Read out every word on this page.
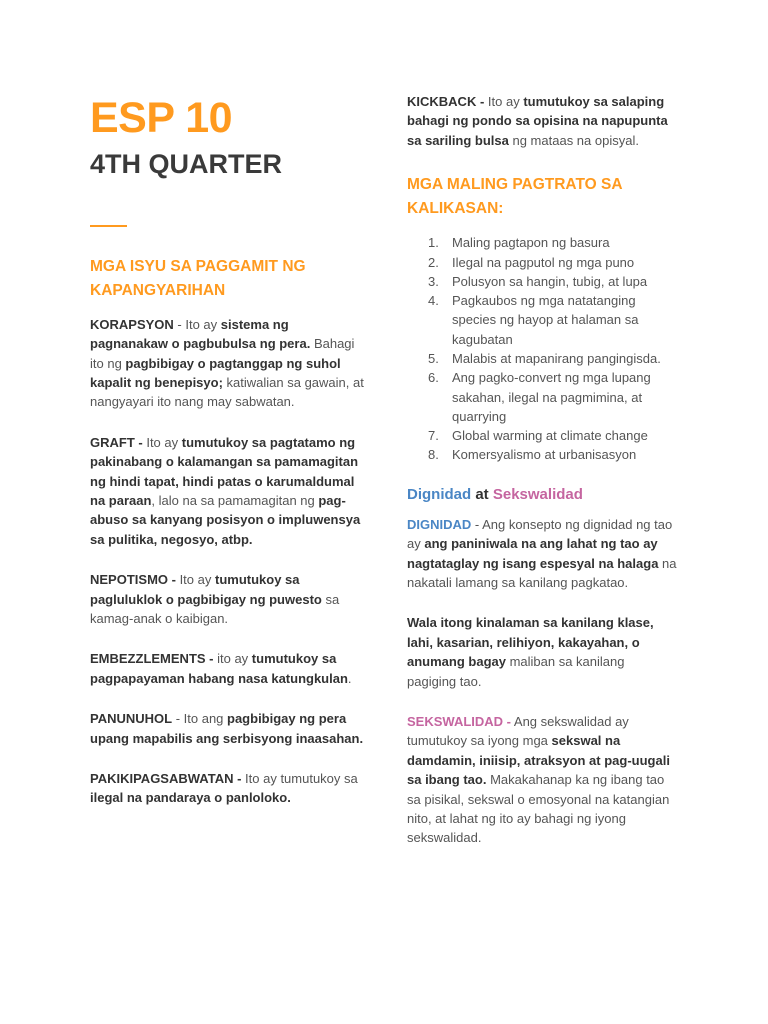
ESP 10
4TH QUARTER
MGA ISYU SA PAGGAMIT NG KAPANGYARIHAN
KORAPSYON - Ito ay sistema ng pagnanakaw o pagbubulsa ng pera. Bahagi ito ng pagbibigay o pagtanggap ng suhol kapalit ng benepisyo; katiwalian sa gawain, at nangyayari ito nang may sabwatan.
GRAFT - Ito ay tumutukoy sa pagtatamo ng pakinabang o kalamangan sa pamamagitan ng hindi tapat, hindi patas o karumaldumal na paraan, lalo na sa pamamagitan ng pag-abuso sa kanyang posisyon o impluwensya sa pulitika, negosyo, atbp.
NEPOTISMO - Ito ay tumutukoy sa pagluluklok o pagbibigay ng puwesto sa kamag-anak o kaibigan.
EMBEZZLEMENTS - ito ay tumutukoy sa pagpapayaman habang nasa katungkulan.
PANUNUHOL - Ito ang pagbibigay ng pera upang mapabilis ang serbisyong inaasahan.
PAKIKIPAGSABWATAN - Ito ay tumutukoy sa ilegal na pandaraya o panloloko.
KICKBACK - Ito ay tumutukoy sa salaping bahagi ng pondo sa opisina na napupunta sa sariling bulsa ng mataas na opisyal.
MGA MALING PAGTRATO SA KALIKASAN:
1. Maling pagtapon ng basura
2. Ilegal na pagputol ng mga puno
3. Polusyon sa hangin, tubig, at lupa
4. Pagkaubos ng mga natatanging species ng hayop at halaman sa kagubatan
5. Malabis at mapanirang pangingisda.
6. Ang pagko-convert ng mga lupang sakahan, ilegal na pagmimina, at quarrying
7. Global warming at climate change
8. Komersyalismo at urbanisasyon
Dignidad at Sekswalidad
DIGNIDAD - Ang konsepto ng dignidad ng tao ay ang paniniwala na ang lahat ng tao ay nagtataglay ng isang espesyal na halaga na nakatali lamang sa kanilang pagkatao.
Wala itong kinalaman sa kanilang klase, lahi, kasarian, relihiyon, kakayahan, o anumang bagay maliban sa kanilang pagiging tao.
SEKSWALIDAD - Ang sekswalidad ay tumutukoy sa iyong mga sekswal na damdamin, iniisip, atraksyon at pag-uugali sa ibang tao. Makakahanap ka ng ibang tao sa pisikal, sekswal o emosyonal na katangian nito, at lahat ng ito ay bahagi ng iyong sekswalidad.
